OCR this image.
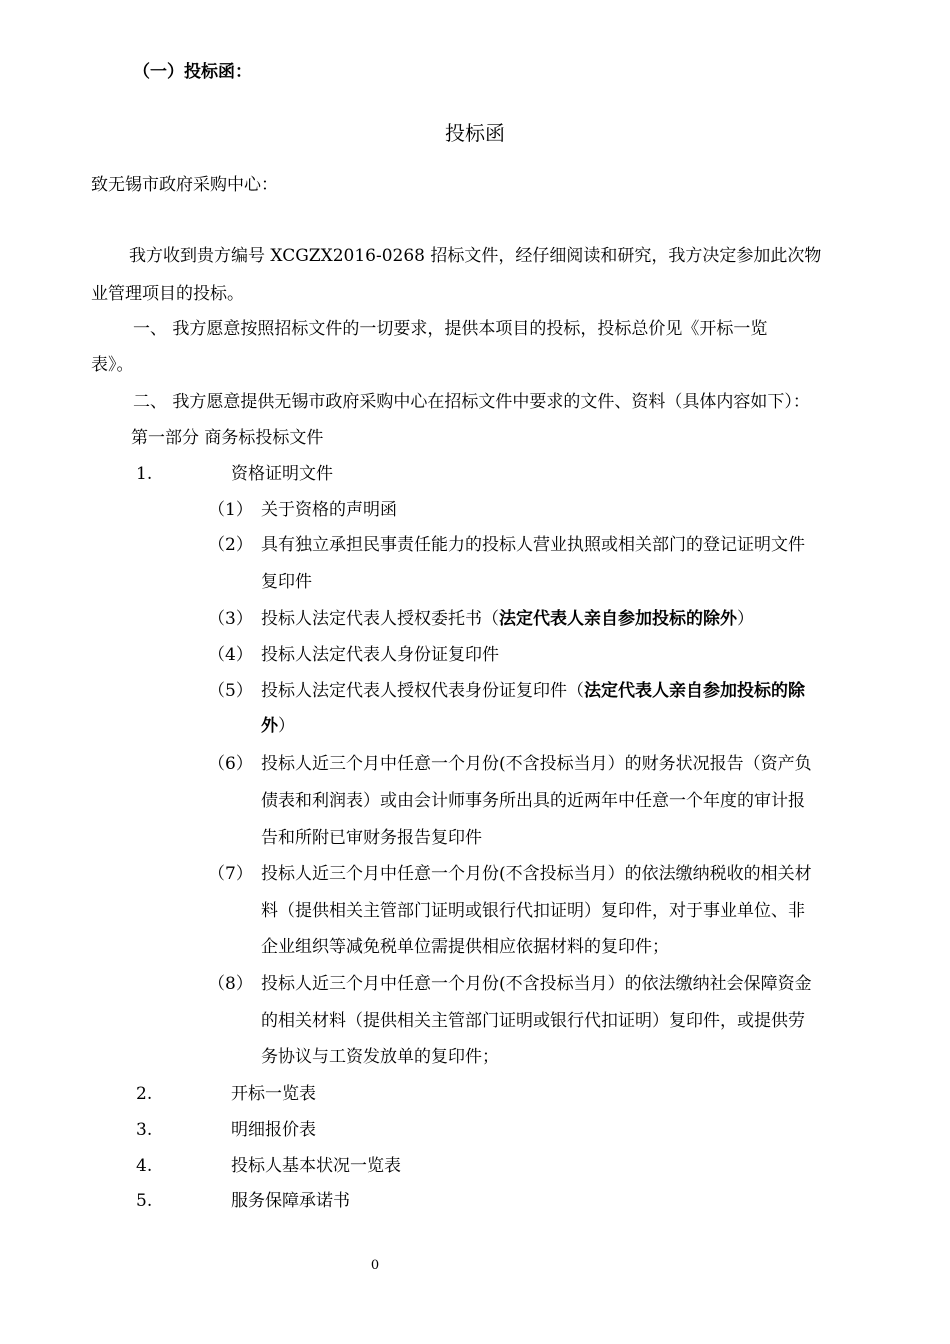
（一）投标函：
投标函
致无锡市政府采购中心：
我方收到贵方编号 XCGZX2016-0268 招标文件，经仔细阅读和研究，我方决定参加此次物
业管理项目的投标。
一、 我方愿意按照招标文件的一切要求，提供本项目的投标，投标总价见《开标一览
表》。
二、 我方愿意提供无锡市政府采购中心在招标文件中要求的文件、资料（具体内容如下）：
第一部分 商务标投标文件
1.	资格证明文件
（1） 关于资格的声明函
（2） 具有独立承担民事责任能力的投标人营业执照或相关部门的登记证明文件
复印件
（3） 投标人法定代表人授权委托书（法定代表人亲自参加投标的除外）
（4） 投标人法定代表人身份证复印件
（5） 投标人法定代表人授权代表身份证复印件（法定代表人亲自参加投标的除
外）
（6） 投标人近三个月中任意一个月份(不含投标当月）的财务状况报告（资产负
债表和利润表）或由会计师事务所出具的近两年中任意一个年度的审计报
告和所附已审财务报告复印件
（7） 投标人近三个月中任意一个月份(不含投标当月）的依法缴纳税收的相关材
料（提供相关主管部门证明或银行代扣证明）复印件，对于事业单位、非
企业组织等减免税单位需提供相应依据材料的复印件；
（8） 投标人近三个月中任意一个月份(不含投标当月）的依法缴纳社会保障资金
的相关材料（提供相关主管部门证明或银行代扣证明）复印件，或提供劳
务协议与工资发放单的复印件；
2.	开标一览表
3.	明细报价表
4.	投标人基本状况一览表
5.	服务保障承诺书
0
